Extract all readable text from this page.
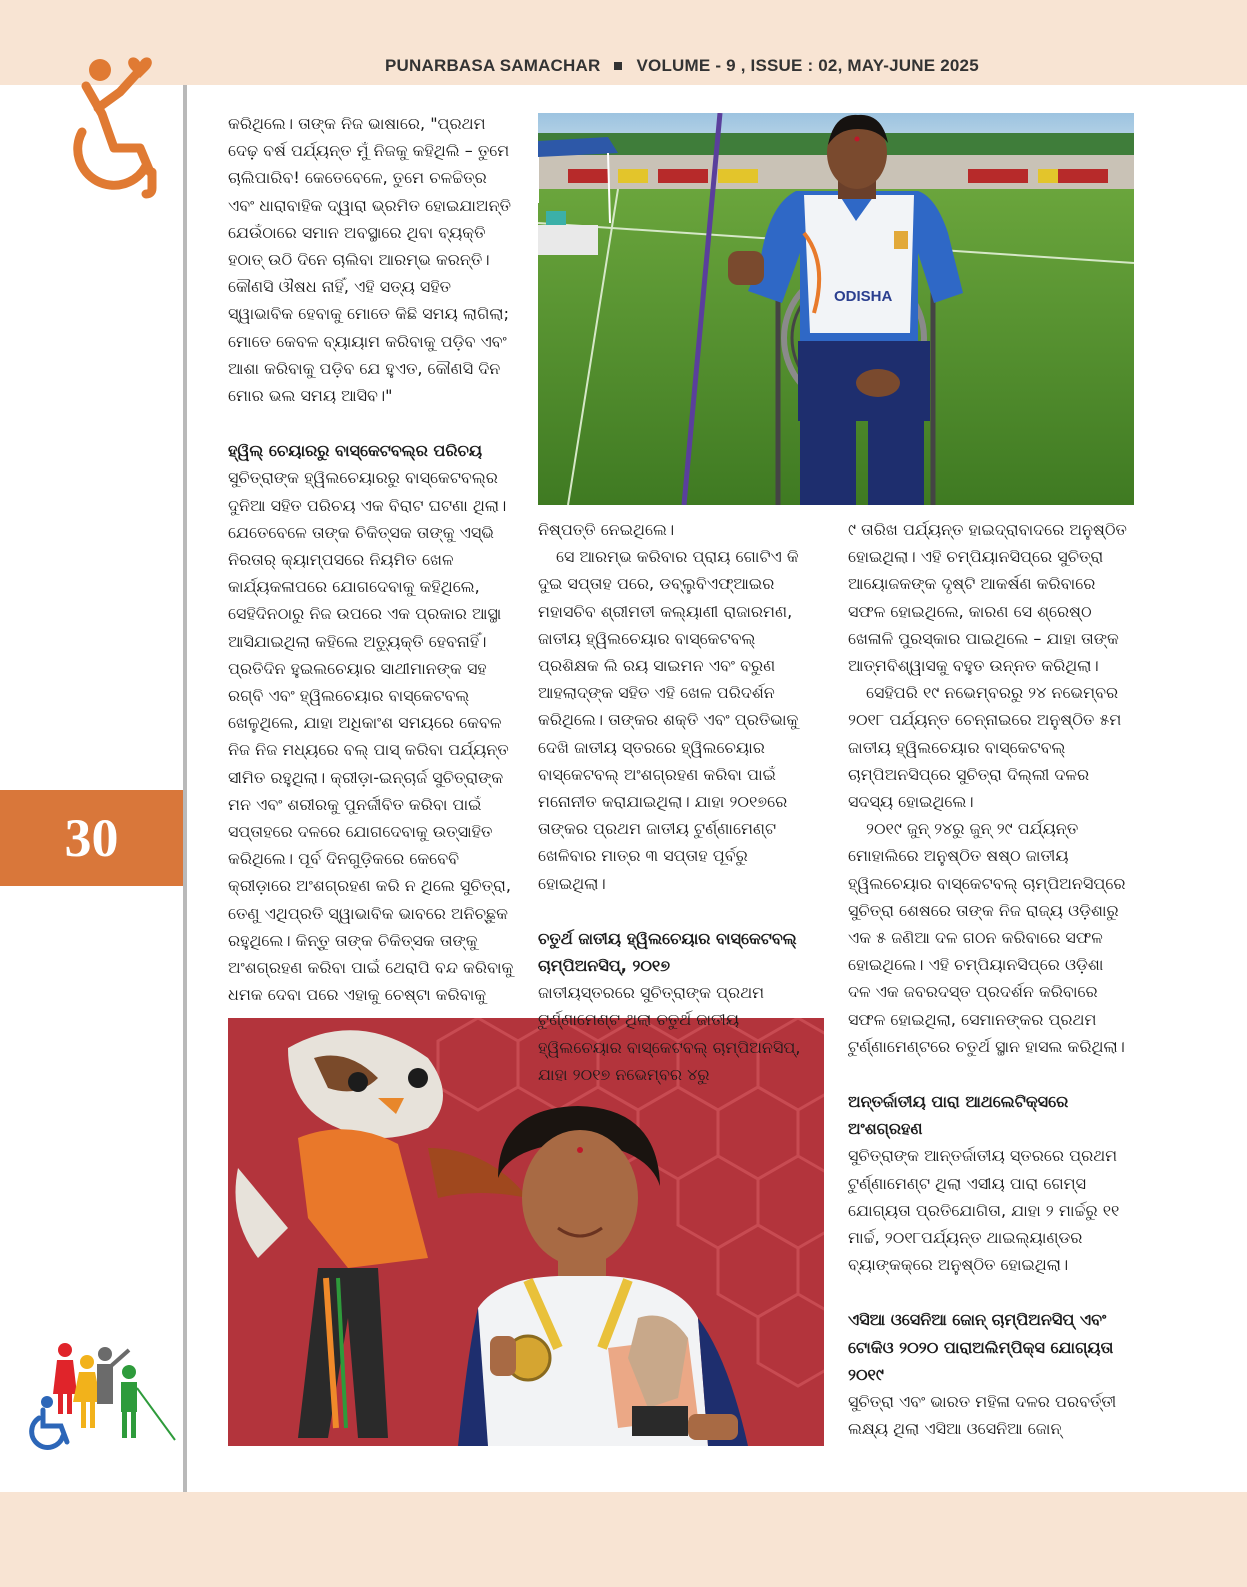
PUNARBASA SAMACHAR VOLUME - 9 , ISSUE : 02, MAY-JUNE 2025
30
ODISHA

କରିଥିଲେ। ତାଙ୍କ ନିଜ ଭାଷାରେ, "ପ୍ରଥମ ଦେଢ଼ ବର୍ଷ ପର୍ଯ୍ୟନ୍ତ ମୁଁ ନିଜକୁ କହିଥିଲି – ତୁମେ ଚାଲିପାରିବ! କେତେବେଳେ, ତୁମେ ଚଳଚ୍ଚିତ୍ର ଏବଂ ଧାରାବାହିକ ଦ୍ୱାରା ଭ୍ରମିତ ହୋଇଯାଅନ୍ତି ଯେଉଁଠାରେ ସମାନ ଅବସ୍ଥାରେ ଥିବା ବ୍ୟକ୍ତି ହଠାତ୍ ଉଠି ଦିନେ ଚାଲିବା ଆରମ୍ଭ କରନ୍ତି। କୌଣସି ଔଷଧ ନାହିଁ, ଏହି ସତ୍ୟ ସହିତ ସ୍ୱାଭାବିକ ହେବାକୁ ମୋତେ କିଛି ସମୟ ଲାଗିଲା; ମୋତେ କେବଳ ବ୍ୟାୟାମ କରିବାକୁ ପଡ଼ିବ ଏବଂ ଆଶା କରିବାକୁ ପଡ଼ିବ ଯେ ହୁଏତ, କୌଣସି ଦିନ ମୋର ଭଲ ସମୟ ଆସିବ।"

ହ୍ୱିଲ୍ ଚେୟାରରୁ ବାସ୍କେଟବଲ୍‌ର ପରିଚୟ

ସୁଚିତ୍ରାଙ୍କ ହ୍ୱିଲଚେୟାରରୁ ବାସ୍କେଟବଲ୍‌ର ଦୁନିଆ ସହିତ ପରିଚୟ ଏକ ବିରାଟ ଘଟଣା ଥିଲା। ଯେତେବେଳେ ତାଙ୍କ ଚିକିତ୍ସକ ତାଙ୍କୁ ଏସ୍‌ଭି ନିରତାର୍ କ୍ୟାମ୍ପସରେ ନିୟମିତ ଖେଳ କାର୍ଯ୍ୟକଳାପରେ ଯୋଗଦେବାକୁ କହିଥିଲେ, ସେହିଦିନଠାରୁ ନିଜ ଉପରେ ଏକ ପ୍ରକାର ଆସ୍ଥା ଆସିଯାଇଥିଲା କହିଲେ ଅତ୍ୟୁକ୍ତି ହେବନାହିଁ। ପ୍ରତିଦିନ ହୁଇଲଚେୟାର ସାଥୀମାନଙ୍କ ସହ ରଗ୍‌ବି ଏବଂ ହ୍ୱିଲଚେୟାର ବାସ୍କେଟବଲ୍ ଖେଳୁଥିଲେ, ଯାହା ଅଧିକାଂଶ ସମୟରେ କେବଳ ନିଜ ନିଜ ମଧ୍ୟରେ ବଲ୍ ପାସ୍ କରିବା ପର୍ଯ୍ୟନ୍ତ ସୀମିତ ରହୁଥିଲା। କ୍ରୀଡ଼ା-ଇନ୍‌ଚାର୍ଜ ସୁଚିତ୍ରାଙ୍କ ମନ ଏବଂ ଶରୀରକୁ ପୁନର୍ଜୀବିତ କରିବା ପାଇଁ ସପ୍ତାହରେ ଦଳରେ ଯୋଗଦେବାକୁ ଉତ୍ସାହିତ କରିଥିଲେ। ପୂର୍ବ ଦିନଗୁଡ଼ିକରେ କେବେବି କ୍ରୀଡ଼ାରେ ଅଂଶଗ୍ରହଣ କରି ନ ଥିଲେ ସୁଚିତ୍ରା, ତେଣୁ ଏଥିପ୍ରତି ସ୍ୱାଭାବିକ ଭାବରେ ଅନିଚ୍ଛୁକ ରହୁଥିଲେ। କିନ୍ତୁ ତାଙ୍କ ଚିକିତ୍ସକ ତାଙ୍କୁ ଅଂଶଗ୍ରହଣ କରିବା ପାଇଁ ଥେରାପି ବନ୍ଦ କରିବାକୁ ଧମକ ଦେବା ପରେ ଏହାକୁ ଚେଷ୍ଟା କରିବାକୁ

ନିଷ୍ପତ୍ତି ନେଇଥିଲେ।

ସେ ଆରମ୍ଭ କରିବାର ପ୍ରାୟ ଗୋଟିଏ କି ଦୁଇ ସପ୍ତାହ ପରେ, ଡବ୍ଲୁବିଏଫ୍‌ଆଇର ମହାସଚିବ ଶ୍ରୀମତୀ କଲ୍ୟାଣୀ ରାଜାରମଣ, ଜାତୀୟ ହ୍ୱିଲଚେୟାର ବାସ୍କେଟବଲ୍ ପ୍ରଶିକ୍ଷକ ଲି ରୟ ସାଇମନ ଏବଂ ବରୁଣ ଆହଲାଦ୍‌ଙ୍କ ସହିତ ଏହି ଖେଳ ପରିଦର୍ଶନ କରିଥିଲେ। ତାଙ୍କର ଶକ୍ତି ଏବଂ ପ୍ରତିଭାକୁ ଦେଖି ଜାତୀୟ ସ୍ତରରେ ହ୍ୱିଲଚେୟାର ବାସ୍କେଟବଲ୍ ଅଂଶଗ୍ରହଣ କରିବା ପାଇଁ ମନୋନୀତ କରାଯାଇଥିଲା। ଯାହା ୨୦୧୭ରେ ତାଙ୍କର ପ୍ରଥମ ଜାତୀୟ ଟୁର୍ଣ୍ଣାମେଣ୍ଟ ଖେଳିବାର ମାତ୍ର ୩ ସପ୍ତାହ ପୂର୍ବରୁ ହୋଇଥିଲା।

ଚତୁର୍ଥ ଜାତୀୟ ହ୍ୱିଲଚେୟାର ବାସ୍କେଟବଲ୍ ଚାମ୍ପିଅନସିପ୍, ୨୦୧୭

ଜାତୀୟସ୍ତରରେ ସୁଚିତ୍ରାଙ୍କ ପ୍ରଥମ ଟୁର୍ଣ୍ଣାମେଣ୍ଟ ଥିଲା ଚତୁର୍ଥ ଜାତୀୟ ହ୍ୱିଲଚେୟାର ବାସ୍କେଟବଲ୍ ଚାମ୍ପିଅନସିପ୍, ଯାହା ୨୦୧୭ ନଭେମ୍ବର ୪ରୁ

୯ ତାରିଖ ପର୍ଯ୍ୟନ୍ତ ହାଇଦ୍ରାବାଦରେ ଅନୁଷ୍ଠିତ ହୋଇଥିଲା। ଏହି ଚମ୍ପିୟାନସିପ୍‌ରେ ସୁଚିତ୍ରା ଆୟୋଜକଙ୍କ ଦୃଷ୍ଟି ଆକର୍ଷଣ କରିବାରେ ସଫଳ ହୋଇଥିଲେ, କାରଣ ସେ ଶ୍ରେଷ୍ଠ ଖେଳାଳି ପୁରସ୍କାର ପାଇଥିଲେ – ଯାହା ତାଙ୍କ ଆତ୍ମବିଶ୍ୱାସକୁ ବହୁତ ଉନ୍ନତ କରିଥିଲା।

ସେହିପରି ୧୯ ନଭେମ୍ବରରୁ ୨୪ ନଭେମ୍ବର ୨୦୧୮ ପର୍ଯ୍ୟନ୍ତ ଚେନ୍ନାଇରେ ଅନୁଷ୍ଠିତ ୫ମ ଜାତୀୟ ହ୍ୱିଲଚେୟାର ବାସ୍କେଟବଲ୍ ଚାମ୍ପିଅନସିପ୍‌ରେ ସୁଚିତ୍ରା ଦିଲ୍ଲୀ ଦଳର ସଦସ୍ୟ ହୋଇଥିଲେ।

୨୦୧୯ ଜୁନ୍ ୨୪ରୁ ଜୁନ୍ ୨୯ ପର୍ଯ୍ୟନ୍ତ ମୋହାଲିରେ ଅନୁଷ୍ଠିତ ଷଷ୍ଠ ଜାତୀୟ ହ୍ୱିଲଚେୟାର ବାସ୍କେଟବଲ୍ ଚାମ୍ପିଅନସିପ୍‌ରେ ସୁଚିତ୍ରା ଶେଷରେ ତାଙ୍କ ନିଜ ରାଜ୍ୟ ଓଡ଼ିଶାରୁ ଏକ ୫ ଜଣିଆ ଦଳ ଗଠନ କରିବାରେ ସଫଳ ହୋଇଥିଲେ। ଏହି ଚମ୍ପିୟାନସିପ୍‌ରେ ଓଡ଼ିଶା ଦଳ ଏକ ଜବରଦସ୍ତ ପ୍ରଦର୍ଶନ କରିବାରେ ସଫଳ ହୋଇଥିଲା, ସେମାନଙ୍କର ପ୍ରଥମ ଟୁର୍ଣ୍ଣାମେଣ୍ଟରେ ଚତୁର୍ଥ ସ୍ଥାନ ହାସଲ କରିଥିଲା।

ଅନ୍ତର୍ଜାତୀୟ ପାରା ଆଥଲେଟିକ୍ସରେ ଅଂଶଗ୍ରହଣ

ସୁଚିତ୍ରାଙ୍କ ଆନ୍ତର୍ଜାତୀୟ ସ୍ତରରେ ପ୍ରଥମ ଟୁର୍ଣ୍ଣାମେଣ୍ଟ ଥିଲା ଏସୀୟ ପାରା ଗେମ୍ସ ଯୋଗ୍ୟତା ପ୍ରତିଯୋଗିତା, ଯାହା ୨ ମାର୍ଚ୍ଚରୁ ୧୧ ମାର୍ଚ୍ଚ, ୨୦୧୮ପର୍ଯ୍ୟନ୍ତ ଥାଇଲ୍ୟାଣ୍ଡର ବ୍ୟାଙ୍କକ୍‌ରେ ଅନୁଷ୍ଠିତ ହୋଇଥିଲା।

ଏସିଆ ଓସେନିଆ ଜୋନ୍ ଚାମ୍ପିଅନସିପ୍ ଏବଂ ଟୋକିଓ ୨୦୨୦ ପାରାଅଲିମ୍ପିକ୍ସ ଯୋଗ୍ୟତା ୨୦୧୯

ସୁଚିତ୍ରା ଏବଂ ଭାରତ ମହିଳା ଦଳର ପରବର୍ତ୍ତୀ ଲକ୍ଷ୍ୟ ଥିଲା ଏସିଆ ଓସେନିଆ ଜୋନ୍
